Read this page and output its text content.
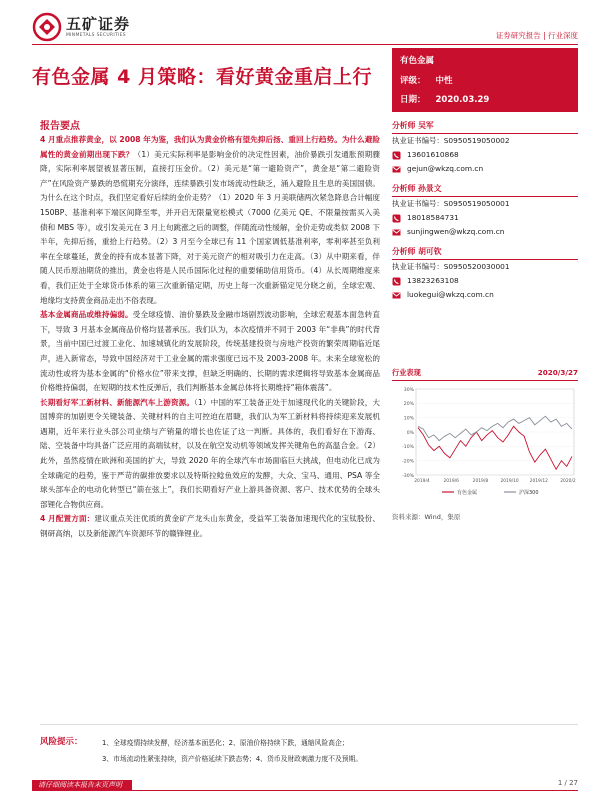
五矿证券
MINMETALS SECURITIES	证券研究报告 | 行业深度
有色金属 4 月策略：看好黄金重启上行
有色金属
评级： 中性
日期： 2020.03.29
报告要点

4 月重点推荐黄金，以 2008 年为鉴，我们认为黄金价格有望先抑后扬、重回上行趋势。为什么避险属性的黄金前期出现下跌？（1）美元实际利率是影响金价的决定性因素，油价暴跌引发通胀预期骤降，实际利率展望被显著压制，直接打压金价。（2）美元是“第一避险资产”，黄金是“第二避险资产”在风险资产暴跌的恐慌期充分演绎，连续暴跌引发市场流动性缺乏，涌入避险且生息的美国国债。为什么在这个时点，我们坚定看好后续的金价走势？（1）2020 年 3 月美联储两次紧急降息合计幅度 150BP、基准利率下端区间降至零，并开启无限量宽松模式（7000 亿美元 QE、不限量按需买入美债和 MBS 等），或引发美元在 3 月上旬跳涨之后的调整，伴随流动性缓解，金价走势或类似 2008 下半年，先抑后扬，重拾上行趋势。（2）3 月至今全球已有 11 个国家调低基准利率，零利率甚至负利率在全球蔓延，黄金的持有成本显著下降，对于美元资产的相对吸引力在走高。（3）从中期来看，伴随人民币原油期货的推出，黄金也将是人民币国际化过程的重要辅助信用货币。（4）从长周期维度来看，我们正处于全球货币体系的第三次重新锚定期，历史上每一次重新锚定见分晓之前，全球宏观、地缘均支持黄金商品走出不俗表现。

基本金属商品或维持偏弱。受全球疫情、油价暴跌及金融市场剧烈波动影响，全球宏观基本面急转直下，导致 3 月基本金属商品价格均显著承压。我们认为，本次疫情并不同于 2003 年“非典”的时代背景，当前中国已过渡工业化、加速城镇化的发展阶段，传统基建投资与房地产投资的繁荣周期临近尾声，进入新常态，导致中国经济对于工业金属的需求强度已远不及 2003-2008 年。未来全球宽松的流动性或将为基本金属的“价格水位”带来支撑，但缺乏明确的、长期的需求逻辑将导致基本金属商品价格维持偏弱，在短期的技术性反弹后，我们判断基本金属总体将长期维持“箱体震荡”。

长期看好军工新材料、新能源汽车上游资源。（1）中国的军工装备正处于加速现代化的关键阶段，大国博弈的加剧更令关键装备、关键材料的自主可控迫在眉睫，我们认为军工新材料将持续迎来发展机遇期，近年来行业头部公司业绩与产销量的增长也佐证了这一判断。具体的，我们看好在下游海、陆、空装备中均具备广泛应用的高端钛材，以及在航空发动机等领域发挥关键角色的高温合金。（2）此外，虽然疫情在欧洲和美国的扩大，导致 2020 年的全球汽车市场面临巨大挑战，但电动化已成为全球确定的趋势，鉴于严苛的碳排放要求以及特斯拉鲶鱼效应的发酵，大众、宝马、通用、PSA 等全球头部车企的电动化转型已“箭在弦上”，我们长期看好产业上游具备资源、客户、技术优势的全球头部锂化合物供应商。

4 月配置方面：建议重点关注优质的黄金矿产龙头山东黄金，受益军工装备加速现代化的宝钛股份、钢研高纳，以及新能源汽车资源环节的赣锋锂业。

分析师 吴军
执业证书编号：S0950519050002
13601610868
gejun@wkzq.com.cn
分析师 孙景文
执业证书编号：S0950519050001
18018584731
sunjingwen@wkzq.com.cn
分析师 胡可钦
执业证书编号：S0950520030001
13823263108
luokegui@wkzq.com.cn
行业表现	2020/3/27
30%
20%
10%
0%
-10%
-20%
-30%
2019/4	2019/6	2019/8	2019/10 2019/12	2020/2
有色金属	沪深300
资料来源：Wind，集原
风险提示：	1、全球疫情持续发酵，经济基本面恶化；2、原油价格持续下跌，通缩风险高企；
3、市场流动性紧张持续，资产价格延续下跌态势；4、货币及财政刺激力度不及预期。
请仔细阅读本报告末页声明	1 / 27
